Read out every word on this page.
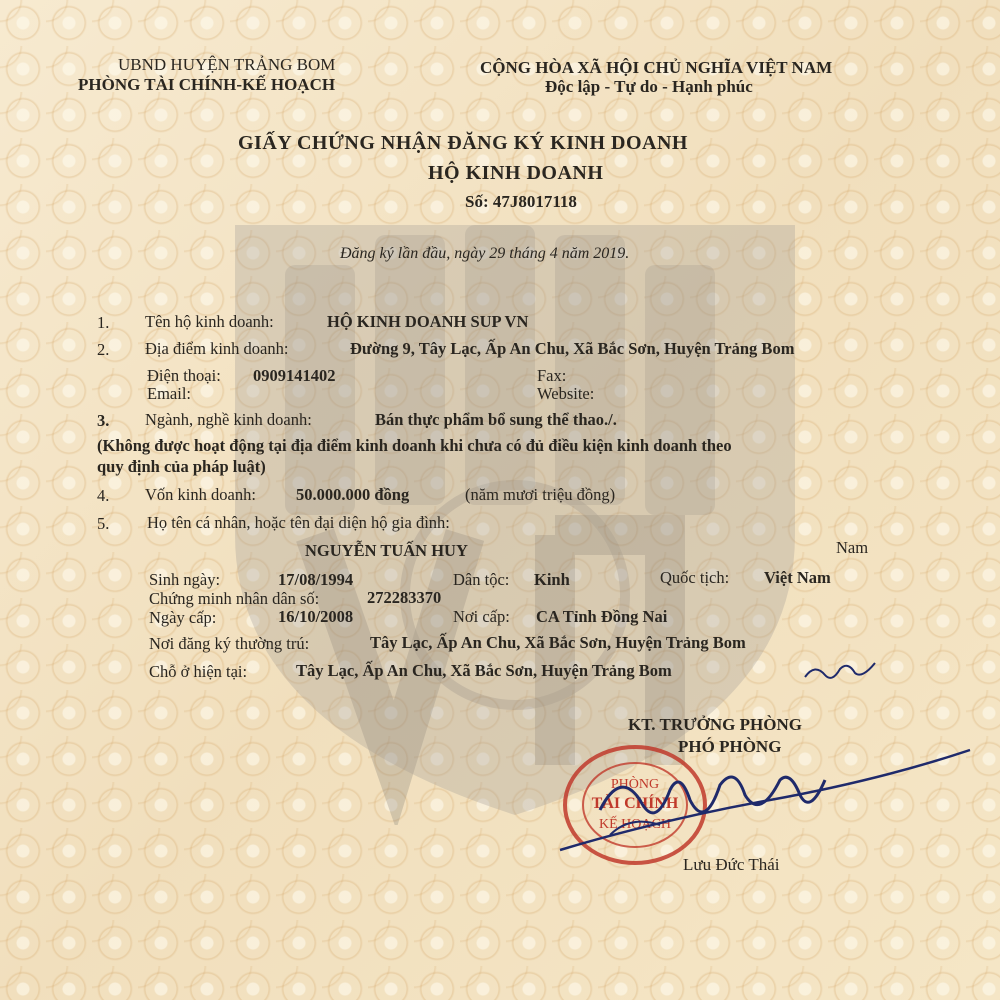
UBND HUYỆN TRẢNG BOM
PHÒNG TÀI CHÍNH-KẾ HOẠCH
CỘNG HÒA XÃ HỘI CHỦ NGHĨA VIỆT NAM
Độc lập - Tự do - Hạnh phúc
GIẤY CHỨNG NHẬN ĐĂNG KÝ KINH DOANH
HỘ KINH DOANH
Số: 47J8017118
Đăng ký lần đầu, ngày 29 tháng 4 năm 2019.
1. Tên hộ kinh doanh:	HỘ KINH DOANH SUP VN
2. Địa điểm kinh doanh:	Đường 9, Tây Lạc, Ấp An Chu, Xã Bắc Sơn, Huyện Trảng Bom
Điện thoại: 0909141402	Fax:
Email:	Website:
3. Ngành, nghề kinh doanh:	Bán thực phẩm bổ sung thể thao./.
(Không được hoạt động tại địa điểm kinh doanh khi chưa có đủ điều kiện kinh doanh theo
quy định của pháp luật)
4. Vốn kinh doanh: 50.000.000 đồng	(năm mươi triệu đồng)
5. Họ tên cá nhân, hoặc tên đại diện hộ gia đình:
NGUYỄN TUẤN HUY	Nam
Sinh ngày:	17/08/1994	Dân tộc: Kinh	Quốc tịch: Việt Nam
Chứng minh nhân dân số:	272283370
Ngày cấp:	16/10/2008	Nơi cấp: CA Tỉnh Đồng Nai
Nơi đăng ký thường trú:	Tây Lạc, Ấp An Chu, Xã Bắc Sơn, Huyện Trảng Bom
Chỗ ở hiện tại:	Tây Lạc, Ấp An Chu, Xã Bắc Sơn, Huyện Trảng Bom
KT. TRƯỞNG PHÒNG
PHÓ PHÒNG
PHÒNG
TÀI CHÍNH
KẾ HOẠCH
Lưu Đức Thái
